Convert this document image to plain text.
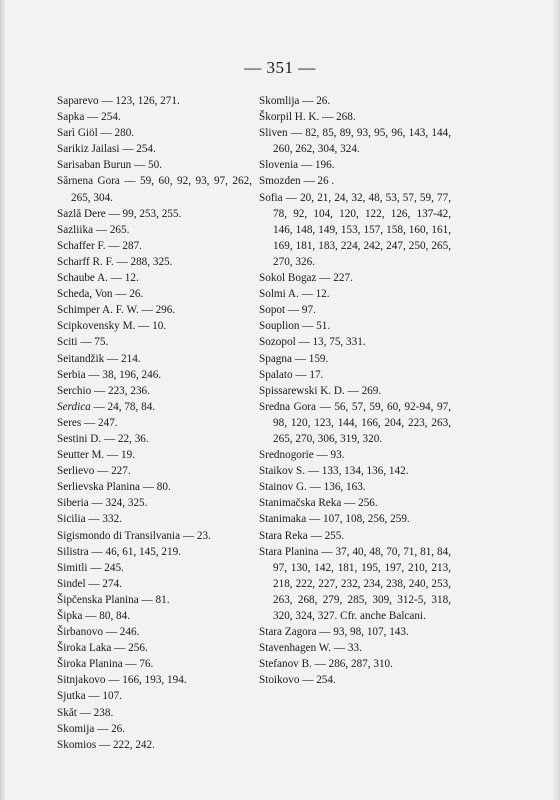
— 351 —
Saparevo — 123, 126, 271.
Sapka — 254.
Sarì Giöl — 280.
Sarikiz Jailasi — 254.
Sarisaban Burun — 50.
Sărnena Gora — 59, 60, 92, 93, 97, 262, 265, 304.
Sazlă Dere — 99, 253, 255.
Sazliika — 265.
Schaffer F. — 287.
Scharff R. F. — 288, 325.
Schaube A. — 12.
Scheda, Von — 26.
Schimper A. F. W. — 296.
Scipkovensky M. — 10.
Sciti — 75.
Seitandžik — 214.
Serbia — 38, 196, 246.
Serchio — 223, 236.
Serdica — 24, 78, 84.
Seres — 247.
Sestini D. — 22, 36.
Seutter M. — 19.
Serlievo — 227.
Serlievska Planina — 80.
Siberia — 324, 325.
Sicilia — 332.
Sigismondo di Transilvania — 23.
Silistra — 46, 61, 145, 219.
Simitli — 245.
Sindel — 274.
Šipčenska Planina — 81.
Šipka — 80, 84.
Širbanovo — 246.
Široka Laka — 256.
Široka Planina — 76.
Sitnjakovo — 166, 193, 194.
Sjutka — 107.
Skăt — 238.
Skomija — 26.
Skomios — 222, 242.
Skomlija — 26.
Škorpil H. K. — 268.
Sliven — 82, 85, 89, 93, 95, 96, 143, 144, 260, 262, 304, 324.
Slovenia — 196.
Smozden — 26 .
Sofia — 20, 21, 24, 32, 48, 53, 57, 59, 77, 78, 92, 104, 120, 122, 126, 137-42, 146, 148, 149, 153, 157, 158, 160, 161, 169, 181, 183, 224, 242, 247, 250, 265, 270, 326.
Sokol Bogaz — 227.
Solmi A. — 12.
Sopot — 97.
Souplion — 51.
Sozopol — 13, 75, 331.
Spagna — 159.
Spalato — 17.
Spissarewski K. D. — 269.
Sredna Gora — 56, 57, 59, 60, 92-94, 97, 98, 120, 123, 144, 166, 204, 223, 263, 265, 270, 306, 319, 320.
Srednogorie — 93.
Staikov S. — 133, 134, 136, 142.
Stainov G. — 136, 163.
Stanimačska Reka — 256.
Stanimaka — 107, 108, 256, 259.
Stara Reka — 255.
Stara Planina — 37, 40, 48, 70, 71, 81, 84, 97, 130, 142, 181, 195, 197, 210, 213, 218, 222, 227, 232, 234, 238, 240, 253, 263, 268, 279, 285, 309, 312-5, 318, 320, 324, 327. Cfr. anche Balcani.
Stara Zagora — 93, 98, 107, 143.
Stavenhagen W. — 33.
Stefanov B. — 286, 287, 310.
Stoikovo — 254.
